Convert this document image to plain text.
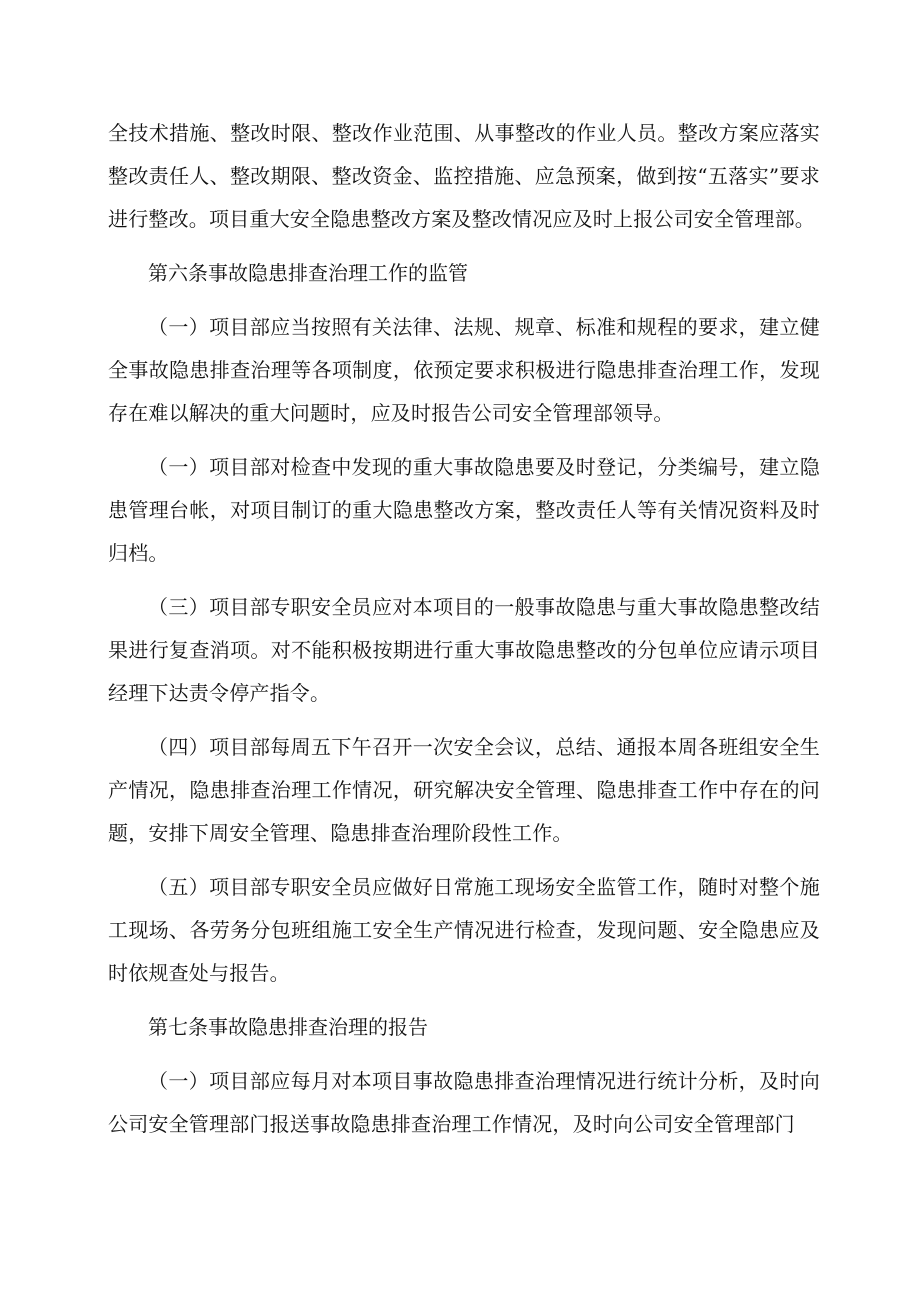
全技术措施、整改时限、整改作业范围、从事整改的作业人员。整改方案应落实整改责任人、整改期限、整改资金、监控措施、应急预案，做到按“五落实”要求进行整改。项目重大安全隐患整改方案及整改情况应及时上报公司安全管理部。

第六条事故隐患排查治理工作的监管

（一）项目部应当按照有关法律、法规、规章、标准和规程的要求，建立健全事故隐患排查治理等各项制度，依预定要求积极进行隐患排查治理工作，发现存在难以解决的重大问题时，应及时报告公司安全管理部领导。

（一）项目部对检查中发现的重大事故隐患要及时登记，分类编号，建立隐患管理台帐，对项目制订的重大隐患整改方案，整改责任人等有关情况资料及时归档。

（三）项目部专职安全员应对本项目的一般事故隐患与重大事故隐患整改结果进行复查消项。对不能积极按期进行重大事故隐患整改的分包单位应请示项目经理下达责令停产指令。

（四）项目部每周五下午召开一次安全会议，总结、通报本周各班组安全生产情况，隐患排查治理工作情况，研究解决安全管理、隐患排查工作中存在的问题，安排下周安全管理、隐患排查治理阶段性工作。

（五）项目部专职安全员应做好日常施工现场安全监管工作，随时对整个施工现场、各劳务分包班组施工安全生产情况进行检查，发现问题、安全隐患应及时依规查处与报告。

第七条事故隐患排查治理的报告

（一）项目部应每月对本项目事故隐患排查治理情况进行统计分析，及时向公司安全管理部门报送事故隐患排查治理工作情况，及时向公司安全管理部门
